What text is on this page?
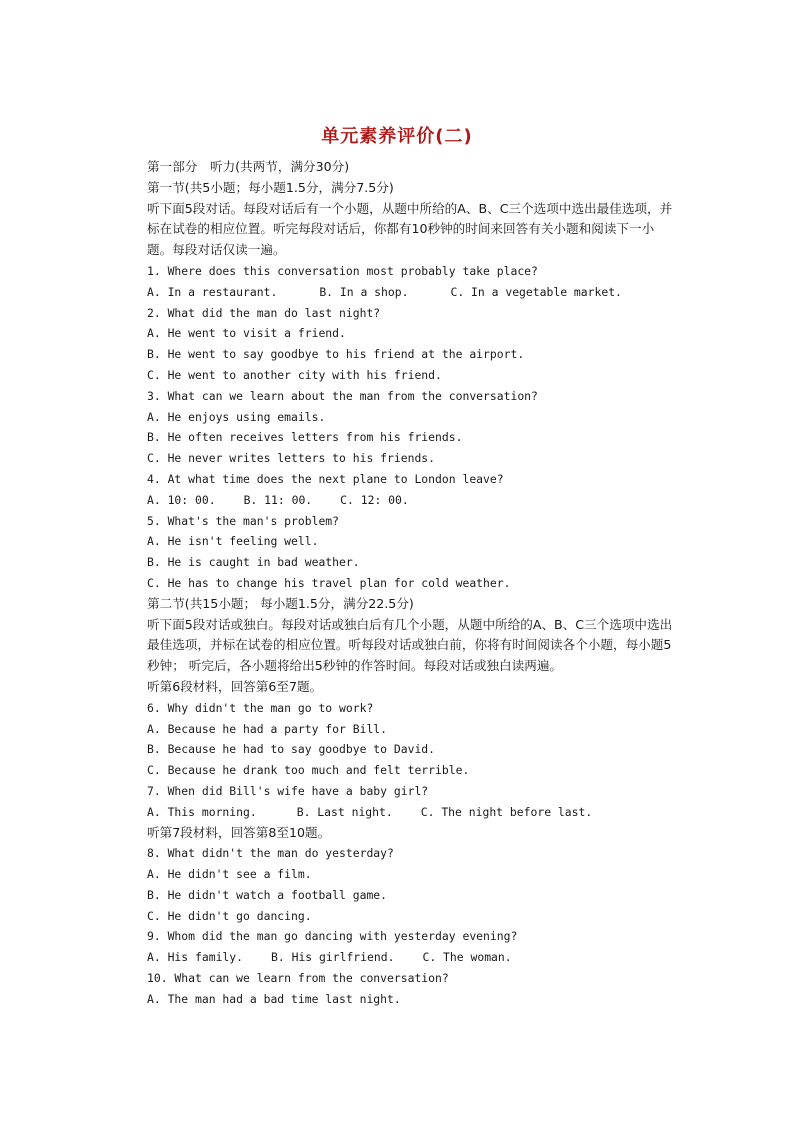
单元素养评价(二)
第一部分　听力(共两节，满分30分)
第一节(共5小题；每小题1.5分，满分7.5分)
听下面5段对话。每段对话后有一个小题，从题中所给的A、B、C三个选项中选出最佳选项，并标在试卷的相应位置。听完每段对话后，你都有10秒钟的时间来回答有关小题和阅读下一小题。每段对话仅读一遍。
1. Where does this conversation most probably take place?
A. In a restaurant.	B. In a shop.	C. In a vegetable market.
2. What did the man do last night?
A. He went to visit a friend.
B. He went to say goodbye to his friend at the airport.
C. He went to another city with his friend.
3. What can we learn about the man from the conversation?
A. He enjoys using emails.
B. He often receives letters from his friends.
C. He never writes letters to his friends.
4. At what time does the next plane to London leave?
A. 10: 00. B. 11: 00. C. 12: 00.
5. What's the man's problem?
A. He isn't feeling well.
B. He is caught in bad weather.
C. He has to change his travel plan for cold weather.
第二节(共15小题； 每小题1.5分，满分22.5分)
听下面5段对话或独白。每段对话或独白后有几个小题，从题中所给的A、B、C三个选项中选出最佳选项，并标在试卷的相应位置。听每段对话或独白前，你将有时间阅读各个小题，每小题5秒钟； 听完后，各小题将给出5秒钟的作答时间。每段对话或独白读两遍。
听第6段材料，回答第6至7题。
6. Why didn't the man go to work?
A. Because he had a party for Bill.
B. Because he had to say goodbye to David.
C. Because he drank too much and felt terrible.
7. When did Bill's wife have a baby girl?
A. This morning.	B. Last night. C. The night before last.
听第7段材料，回答第8至10题。
8. What didn't the man do yesterday?
A. He didn't see a film.
B. He didn't watch a football game.
C. He didn't go dancing.
9. Whom did the man go dancing with yesterday evening?
A. His family. B. His girlfriend. C. The woman.
10. What can we learn from the conversation?
A. The man had a bad time last night.
